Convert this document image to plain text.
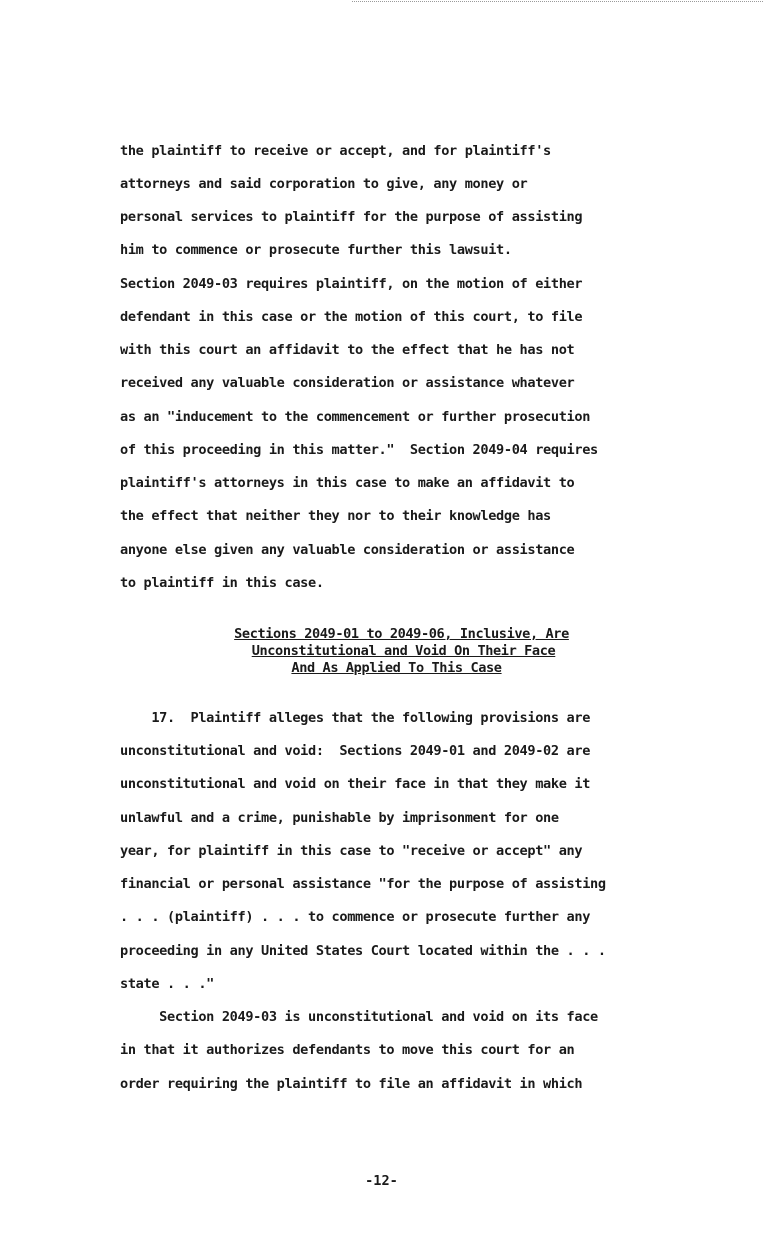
the plaintiff to receive or accept, and for plaintiff's
attorneys and said corporation to give, any money or
personal services to plaintiff for the purpose of assisting
him to commence or prosecute further this lawsuit.
Section 2049-03 requires plaintiff, on the motion of either
defendant in this case or the motion of this court, to file
with this court an affidavit to the effect that he has not
received any valuable consideration or assistance whatever
as an "inducement to the commencement or further prosecution
of this proceeding in this matter."  Section 2049-04 requires
plaintiff's attorneys in this case to make an affidavit to
the effect that neither they nor to their knowledge has
anyone else given any valuable consideration or assistance
to plaintiff in this case.
Sections 2049-01 to 2049-06, Inclusive, Are
Unconstitutional and Void On Their Face
And As Applied To This Case
17.  Plaintiff alleges that the following provisions are
unconstitutional and void:  Sections 2049-01 and 2049-02 are
unconstitutional and void on their face in that they make it
unlawful and a crime, punishable by imprisonment for one
year, for plaintiff in this case to "receive or accept" any
financial or personal assistance "for the purpose of assisting
. . . (plaintiff) . . . to commence or prosecute further any
proceeding in any United States Court located within the . . .
state . . ."
Section 2049-03 is unconstitutional and void on its face
in that it authorizes defendants to move this court for an
order requiring the plaintiff to file an affidavit in which
-12-
